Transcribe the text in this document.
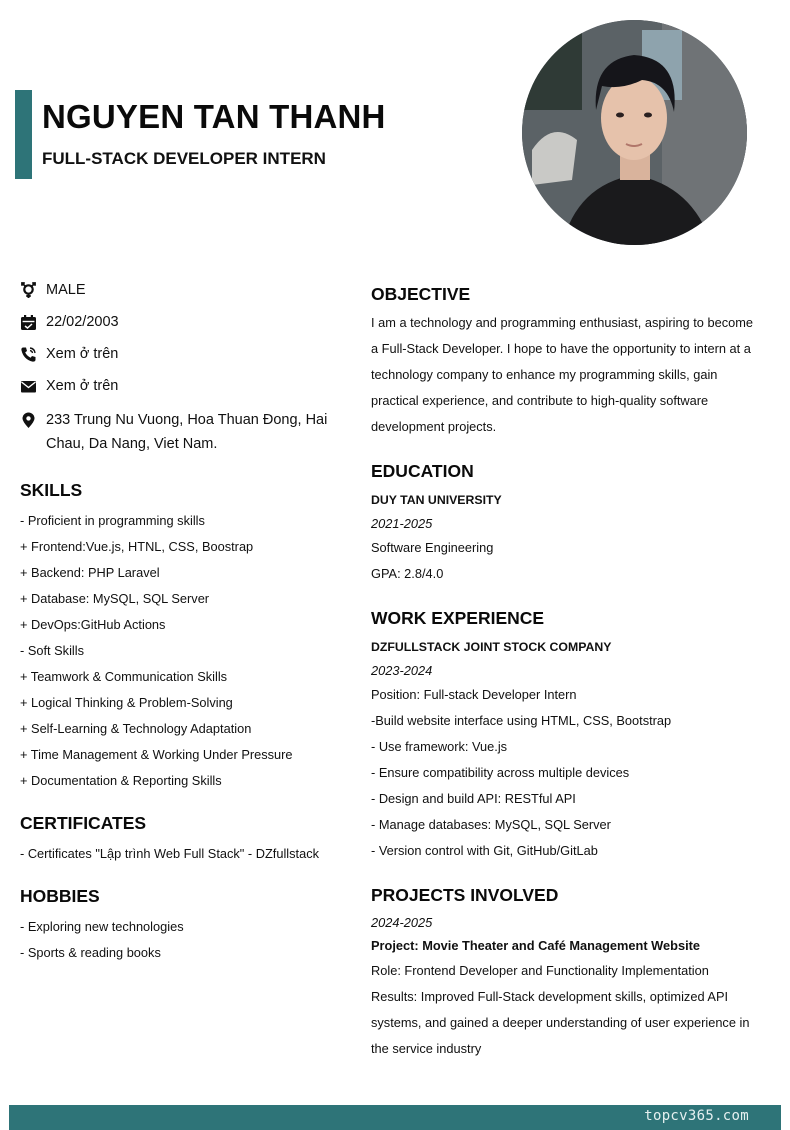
NGUYEN TAN THANH
FULL-STACK DEVELOPER INTERN
MALE
22/02/2003
Xem ở trên
Xem ở trên
233 Trung Nu Vuong, Hoa Thuan Đong, Hai Chau, Da Nang, Viet Nam.
SKILLS
- Proficient in programming skills
+ Frontend:Vue.js, HTNL, CSS, Boostrap
+ Backend: PHP Laravel
+ Database: MySQL, SQL Server
+ DevOps:GitHub Actions
- Soft Skills
+ Teamwork & Communication Skills
+ Logical Thinking & Problem-Solving
+ Self-Learning & Technology Adaptation
+ Time Management & Working Under Pressure
+ Documentation & Reporting Skills
CERTIFICATES
- Certificates "Lập trình Web Full Stack" - DZfullstack
HOBBIES
- Exploring new technologies
- Sports & reading books
OBJECTIVE
I am a technology and programming enthusiast, aspiring to become a Full-Stack Developer. I hope to have the opportunity to intern at a technology company to enhance my programming skills, gain practical experience, and contribute to high-quality software development projects.
EDUCATION
DUY TAN UNIVERSITY
2021-2025
Software Engineering
GPA: 2.8/4.0
WORK EXPERIENCE
DZFULLSTACK JOINT STOCK COMPANY
2023-2024
Position: Full-stack Developer Intern
-Build website interface using HTML, CSS, Bootstrap
- Use framework: Vue.js
- Ensure compatibility across multiple devices
- Design and build API: RESTful API
- Manage databases: MySQL, SQL Server
- Version control with Git, GitHub/GitLab
PROJECTS INVOLVED
2024-2025
Project: Movie Theater and Café Management Website
Role: Frontend Developer and Functionality Implementation
Results: Improved Full-Stack development skills, optimized API systems, and gained a deeper understanding of user experience in the service industry
topcv365.com
